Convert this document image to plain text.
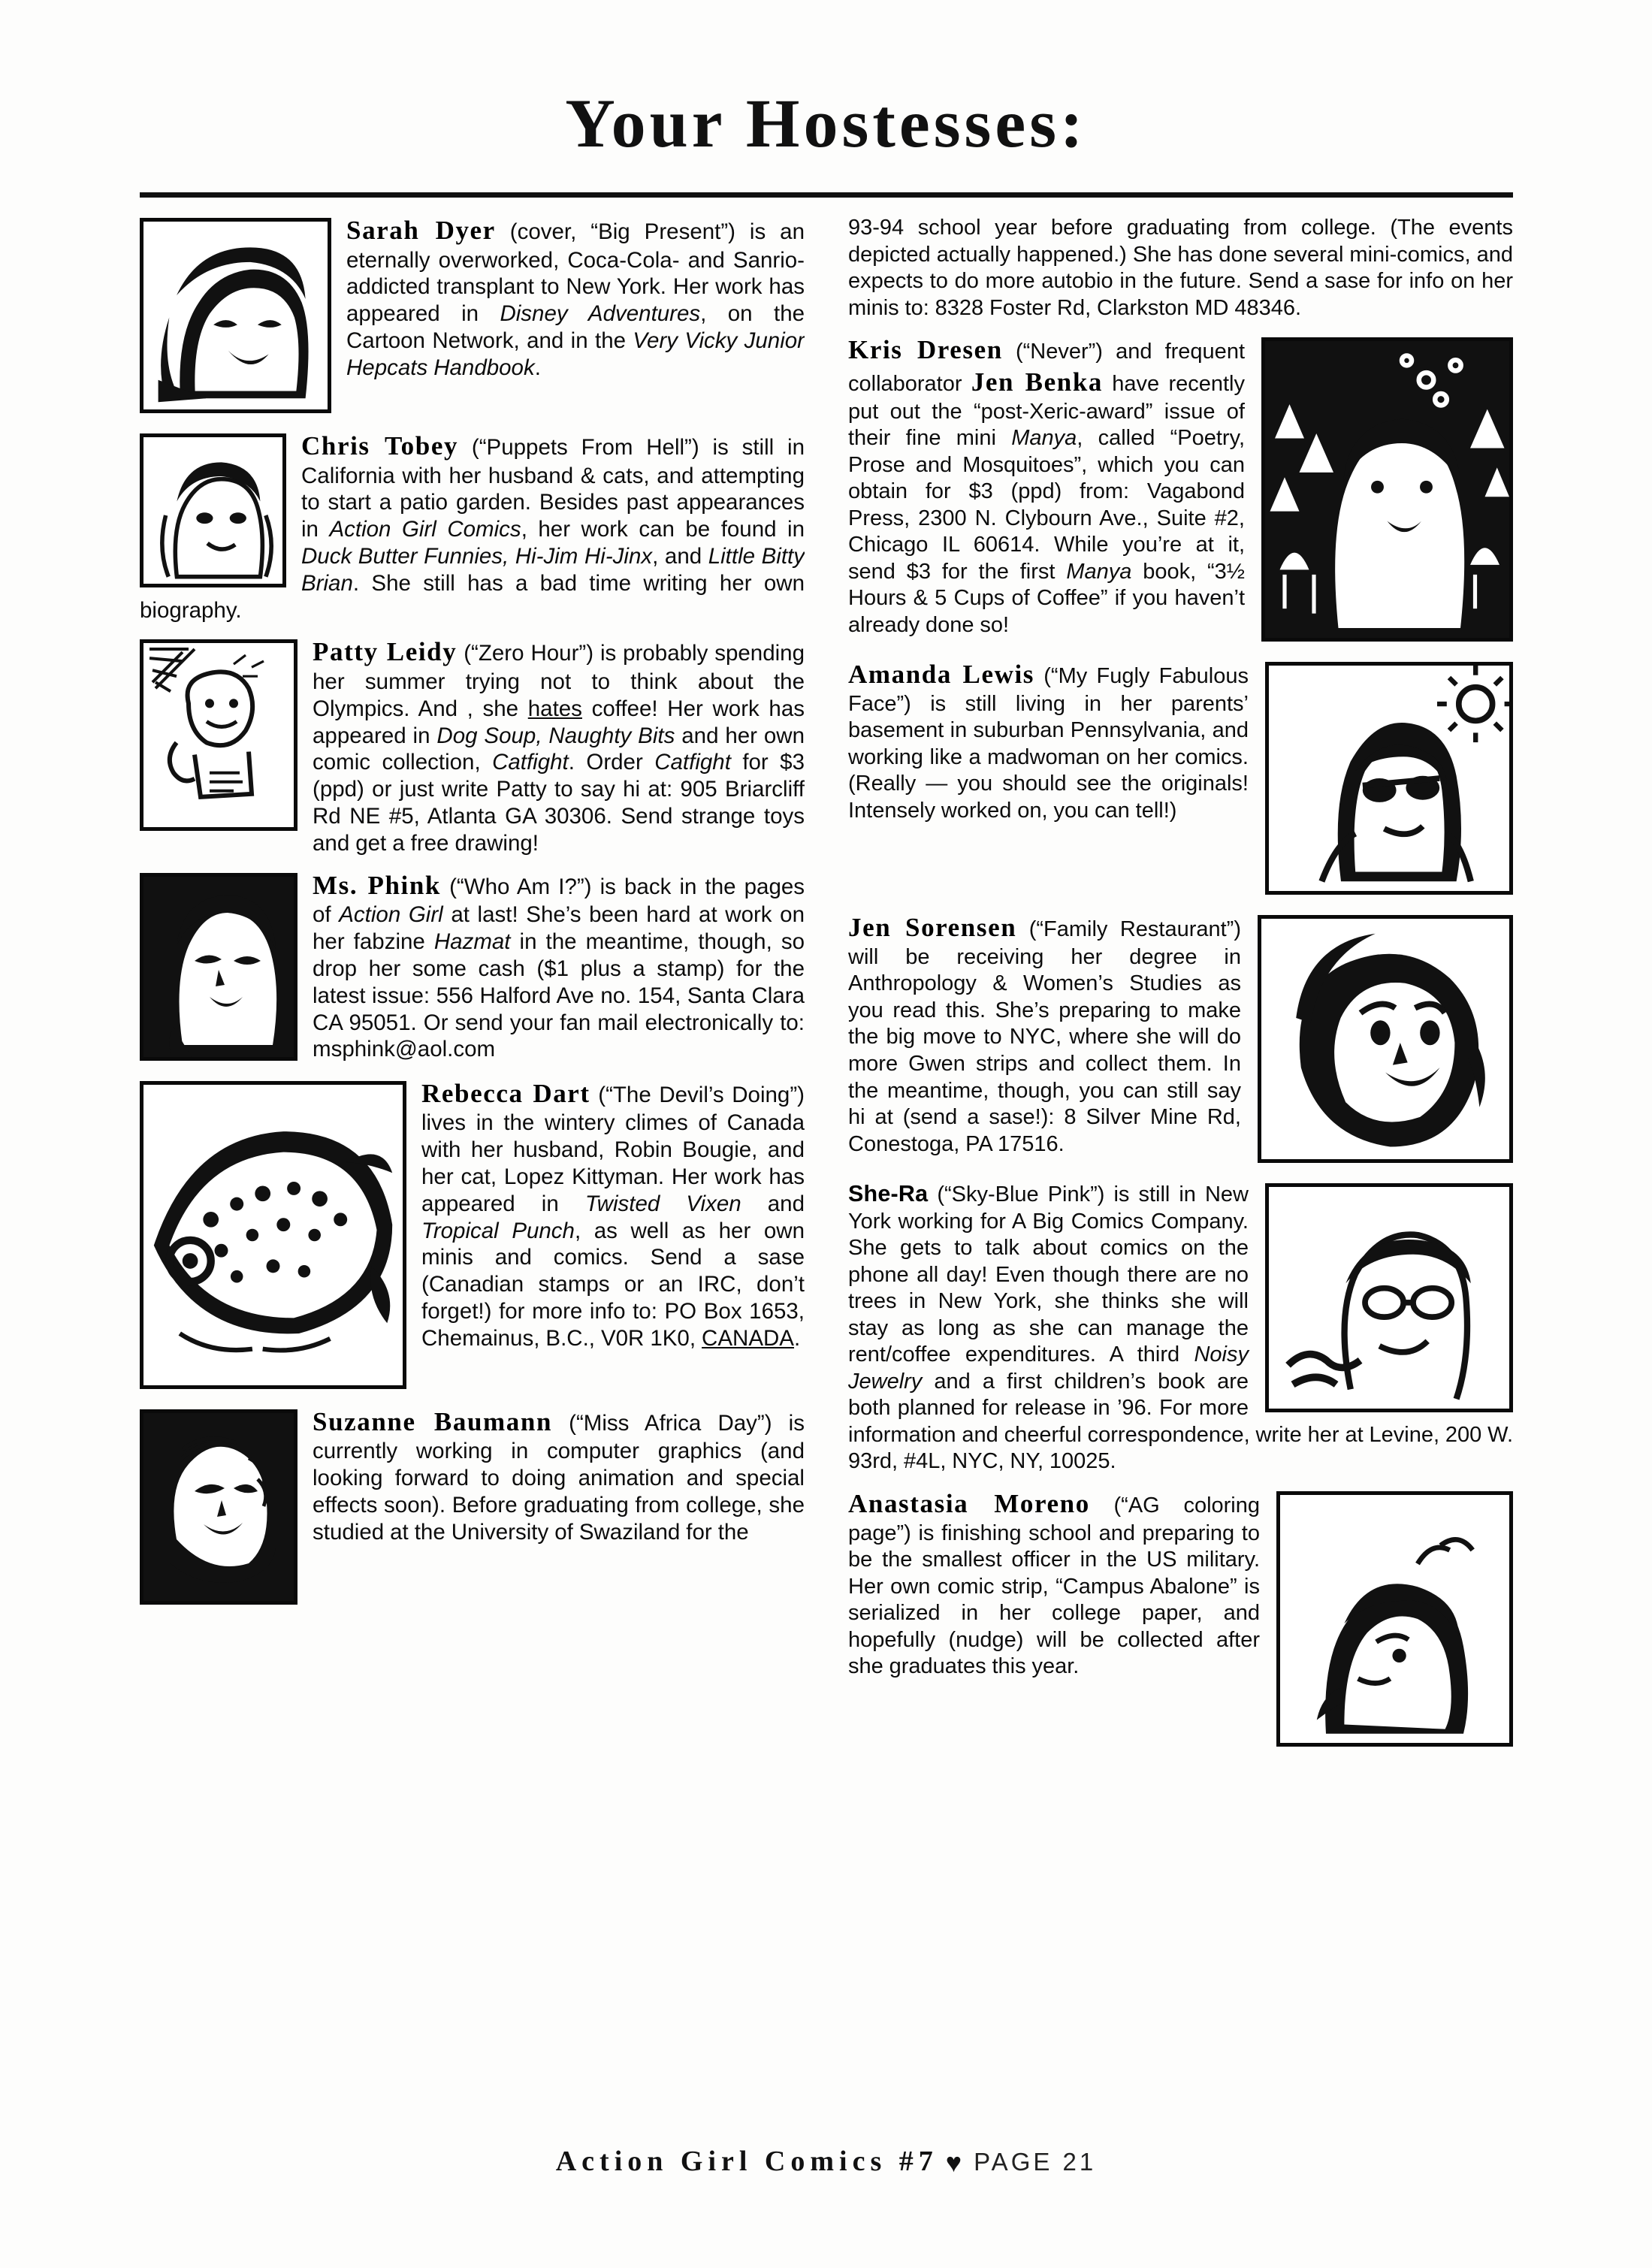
Your Hostesses:

Sarah Dyer (cover, “Big Present”) is an eternally overworked, Coca-Cola- and Sanrio-addicted transplant to New York. Her work has appeared in Disney Adventures, on the Cartoon Network, and in the Very Vicky Junior Hepcats Handbook.

Chris Tobey (“Puppets From Hell”) is still in California with her husband & cats, and attempting to start a patio garden. Besides past appearances in Action Girl Comics, her work can be found in Duck Butter Funnies, Hi-Jim Hi-Jinx, and Little Bitty Brian. She still has a bad time writing her own biography.

Patty Leidy (“Zero Hour”) is probably spending her summer trying not to think about the Olympics. And , she hates coffee! Her work has appeared in Dog Soup, Naughty Bits and her own comic collection, Catfight. Order Catfight for $3 (ppd) or just write Patty to say hi at: 905 Briarcliff Rd NE #5, Atlanta GA 30306. Send strange toys and get a free drawing!

Ms. Phink (“Who Am I?”) is back in the pages of Action Girl at last! She’s been hard at work on her fabzine Hazmat in the meantime, though, so drop her some cash ($1 plus a stamp) for the latest issue: 556 Halford Ave no. 154, Santa Clara CA 95051. Or send your fan mail electronically to: msphink@aol.com

Rebecca Dart (“The Devil’s Doing”) lives in the wintery climes of Canada with her husband, Robin Bougie, and her cat, Lopez Kittyman. Her work has appeared in Twisted Vixen and Tropical Punch, as well as her own minis and comics. Send a sase (Canadian stamps or an IRC, don’t forget!) for more info to: PO Box 1653, Chemainus, B.C., V0R 1K0, CANADA.

Suzanne Baumann (“Miss Africa Day”) is currently working in computer graphics (and looking forward to doing animation and special effects soon). Before graduating from college, she studied at the University of Swaziland for the

93-94 school year before graduating from college. (The events depicted actually happened.) She has done several mini-comics, and expects to do more autobio in the future. Send a sase for info on her minis to: 8328 Foster Rd, Clarkston MD 48346.

Kris Dresen (“Never”) and frequent collaborator Jen Benka have recently put out the “post-Xeric-award” issue of their fine mini Manya, called “Poetry, Prose and Mosquitoes”, which you can obtain for $3 (ppd) from: Vagabond Press, 2300 N. Clybourn Ave., Suite #2, Chicago IL 60614. While you’re at it, send $3 for the first Manya book, “3½ Hours & 5 Cups of Coffee” if you haven’t already done so!

Amanda Lewis (“My Fugly Fabulous Face”) is still living in her parents’ basement in suburban Pennsylvania, and working like a madwoman on her comics. (Really — you should see the originals! Intensely worked on, you can tell!)

Jen Sorensen (“Family Restaurant”) will be receiving her degree in Anthropology & Women’s Studies as you read this. She’s preparing to make the big move to NYC, where she will do more Gwen strips and collect them. In the meantime, though, you can still say hi at (send a sase!): 8 Silver Mine Rd, Conestoga, PA 17516.

She-Ra (“Sky-Blue Pink”) is still in New York working for A Big Comics Company. She gets to talk about comics on the phone all day! Even though there are no trees in New York, she thinks she will stay as long as she can manage the rent/coffee expenditures. A third Noisy Jewelry and a first children’s book are both planned for release in ’96. For more information and cheerful correspondence, write her at Levine, 200 W. 93rd, #4L, NYC, NY, 10025.

Anastasia Moreno (“AG coloring page”) is finishing school and preparing to be the smallest officer in the US military. Her own comic strip, “Campus Abalone” is serialized in her college paper, and hopefully (nudge) will be collected after she graduates this year.

Action Girl Comics #7 ♥ PAGE 21
